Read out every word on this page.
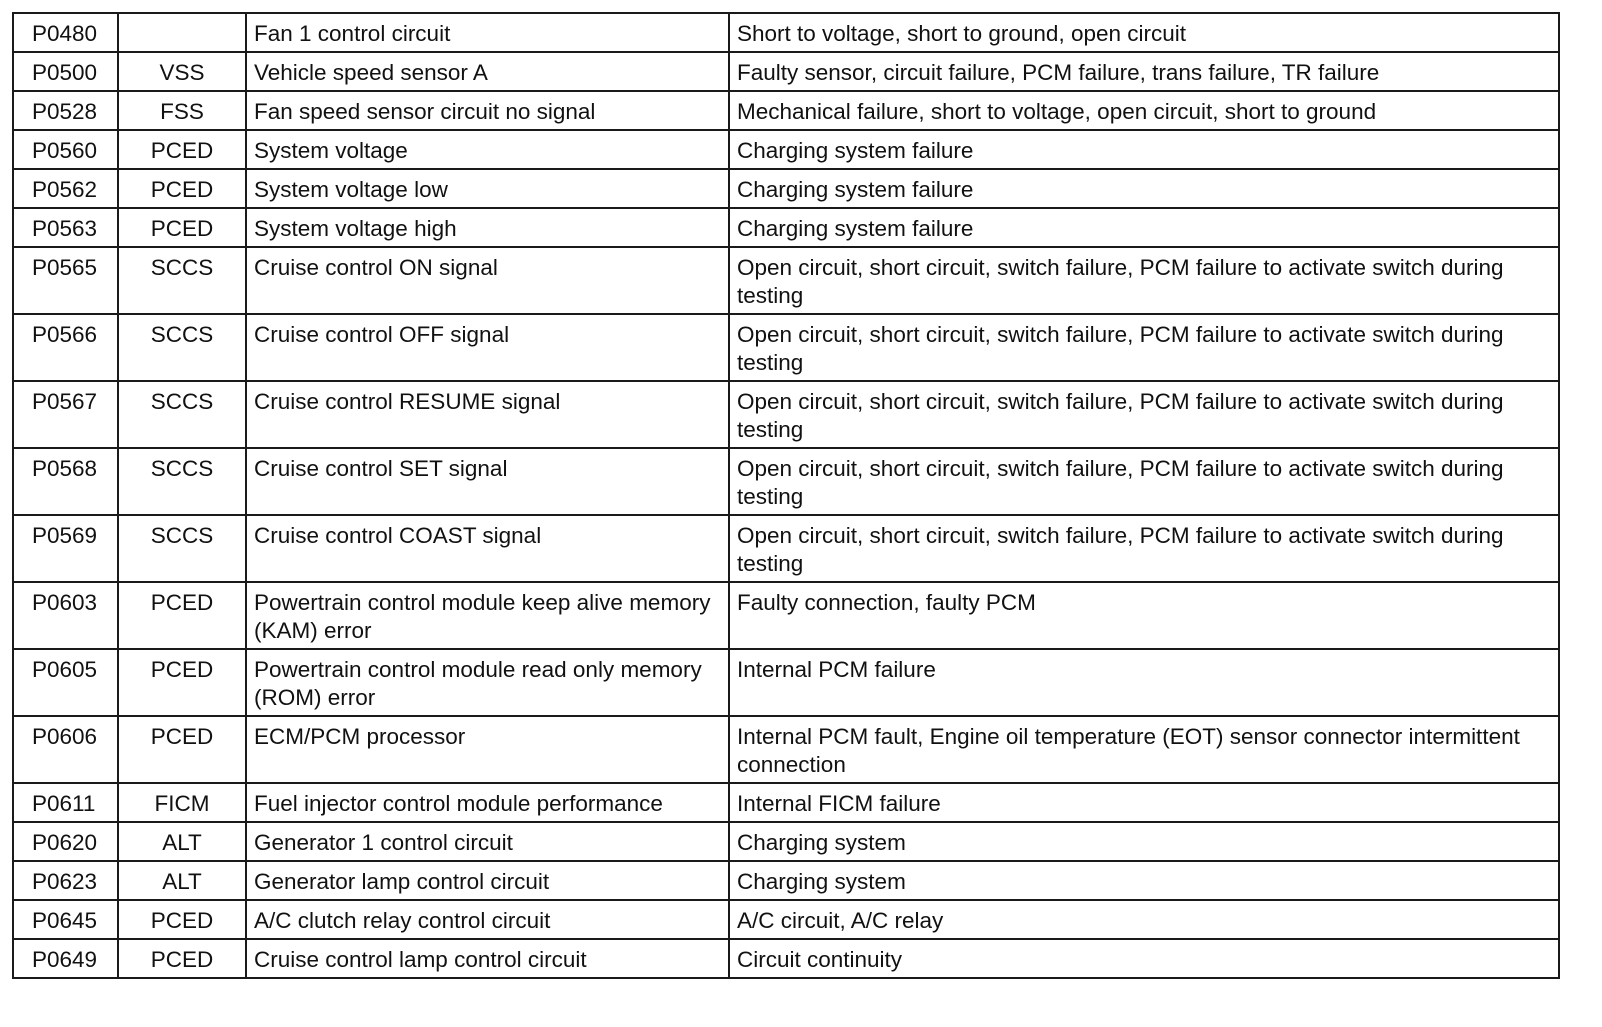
P0480		Fan 1 control circuit	Short to voltage, short to ground, open circuit
P0500	VSS	Vehicle speed sensor A	Faulty sensor, circuit failure, PCM failure, trans failure, TR failure
P0528	FSS	Fan speed sensor circuit no signal	Mechanical failure, short to voltage, open circuit, short to ground
P0560	PCED	System voltage	Charging system failure
P0562	PCED	System voltage low	Charging system failure
P0563	PCED	System voltage high	Charging system failure
P0565	SCCS	Cruise control ON signal	Open circuit, short circuit, switch failure, PCM failure to activate switch during testing
P0566	SCCS	Cruise control OFF signal	Open circuit, short circuit, switch failure, PCM failure to activate switch during testing
P0567	SCCS	Cruise control RESUME signal	Open circuit, short circuit, switch failure, PCM failure to activate switch during testing
P0568	SCCS	Cruise control SET signal	Open circuit, short circuit, switch failure, PCM failure to activate switch during testing
P0569	SCCS	Cruise control COAST signal	Open circuit, short circuit, switch failure, PCM failure to activate switch during testing
P0603	PCED	Powertrain control module keep alive memory (KAM) error	Faulty connection, faulty PCM
P0605	PCED	Powertrain control module read only memory (ROM) error	Internal PCM failure
P0606	PCED	ECM/PCM processor	Internal PCM fault, Engine oil temperature (EOT) sensor connector intermittent connection
P0611	FICM	Fuel injector control module performance	Internal FICM failure
P0620	ALT	Generator 1 control circuit	Charging system
P0623	ALT	Generator lamp control circuit	Charging system
P0645	PCED	A/C clutch relay control circuit	A/C circuit, A/C relay
P0649	PCED	Cruise control lamp control circuit	Circuit continuity
